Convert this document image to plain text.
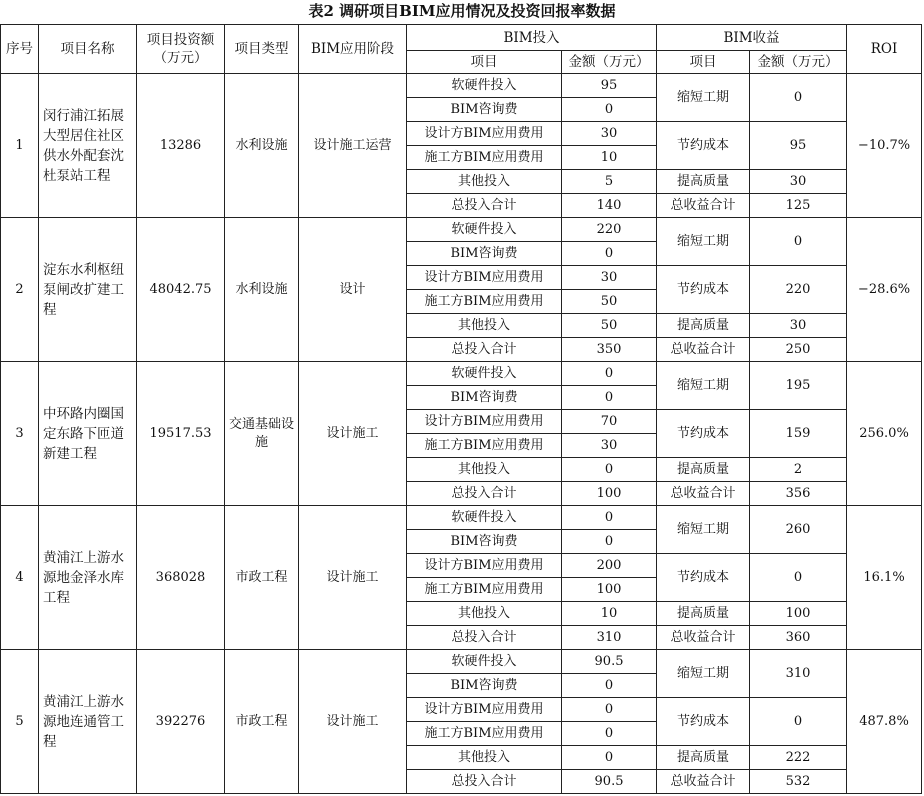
表2 调研项目BIM应用情况及投资回报率数据
序号	项目名称	项目投资额（万元）	项目类型	BIM应用阶段	BIM投入		BIM收益		ROI
					项目	金额（万元）	项目	金额（万元）	
1	闵行浦江拓展大型居住社区供水外配套沈杜泵站工程	13286	水利设施	设计施工运营	软硬件投入	95	缩短工期	0	−10.7%
					BIM咨询费	0			
					设计方BIM应用费用	30	节约成本	95	
					施工方BIM应用费用	10			
					其他投入	5	提高质量	30	
					总投入合计	140	总收益合计	125	
2	淀东水利枢纽泵闸改扩建工程	48042.75	水利设施	设计	软硬件投入	220	缩短工期	0	−28.6%
					BIM咨询费	0			
					设计方BIM应用费用	30	节约成本	220	
					施工方BIM应用费用	50			
					其他投入	50	提高质量	30	
					总投入合计	350	总收益合计	250	
3	中环路内圈国定东路下匝道新建工程	19517.53	交通基础设施	设计施工	软硬件投入	0	缩短工期	195	256.0%
					BIM咨询费	0			
					设计方BIM应用费用	70	节约成本	159	
					施工方BIM应用费用	30			
					其他投入	0	提高质量	2	
					总投入合计	100	总收益合计	356	
4	黄浦江上游水源地金泽水库工程	368028	市政工程	设计施工	软硬件投入	0	缩短工期	260	16.1%
					BIM咨询费	0			
					设计方BIM应用费用	200	节约成本	0	
					施工方BIM应用费用	100			
					其他投入	10	提高质量	100	
					总投入合计	310	总收益合计	360	
5	黄浦江上游水源地连通管工程	392276	市政工程	设计施工	软硬件投入	90.5	缩短工期	310	487.8%
					BIM咨询费	0			
					设计方BIM应用费用	0	节约成本	0	
					施工方BIM应用费用	0			
					其他投入	0	提高质量	222	
					总投入合计	90.5	总收益合计	532	
